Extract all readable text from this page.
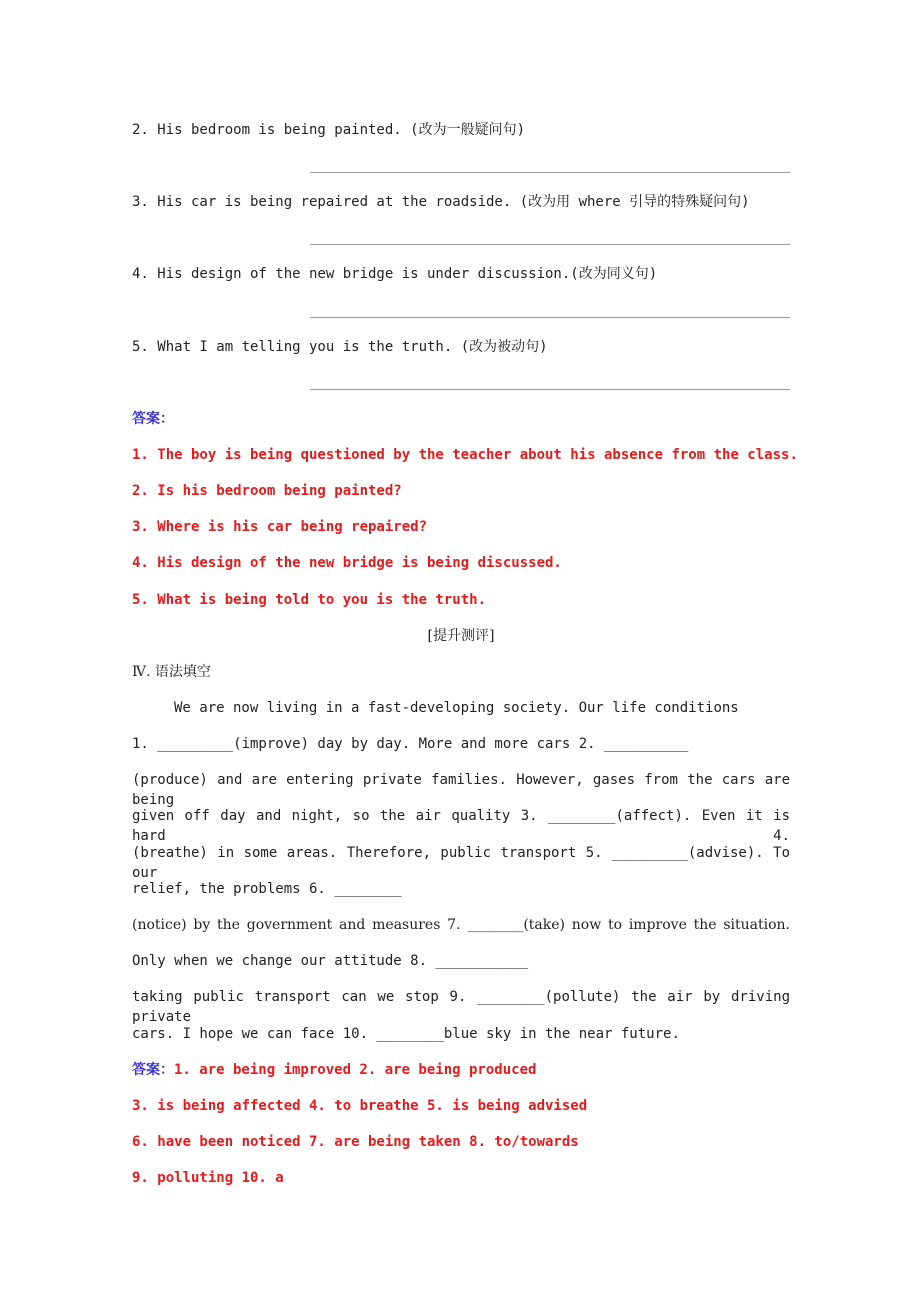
2. His bedroom is being painted. (改为一般疑问句)
3. His car is being repaired at the roadside. (改为用 where 引导的特殊疑问句)
4. His design of the new bridge is under discussion.(改为同义句)
5. What I am telling you is the truth. (改为被动句)
答案：
1. The boy is being questioned by the teacher about his absence from the class.
2. Is his bedroom being painted?
3. Where is his car being repaired?
4. His design of the new bridge is being discussed.
5. What is being told to you is the truth.
[提升测评]
Ⅳ. 语法填空
We are now living in a fast-developing society. Our life conditions
1. _________(improve) day by day. More and more cars 2. __________
(produce) and are entering private families. However, gases from the cars are being
given off day and night, so the air quality 3. ________(affect). Even it is hard 4.
(breathe) in some areas. Therefore, public transport 5. _________(advise). To our
relief, the problems 6. ________
(notice) by the government and measures 7. ________(take) now to improve the situation.
Only when we change our attitude 8. ___________
taking public transport can we stop 9. ________(pollute) the air by driving private
cars. I hope we can face 10. ________blue sky in the near future.
答案：1. are being improved 2. are being produced
3. is being affected 4. to breathe 5. is being advised
6. have been noticed 7. are being taken 8. to/towards
9. polluting 10. a
